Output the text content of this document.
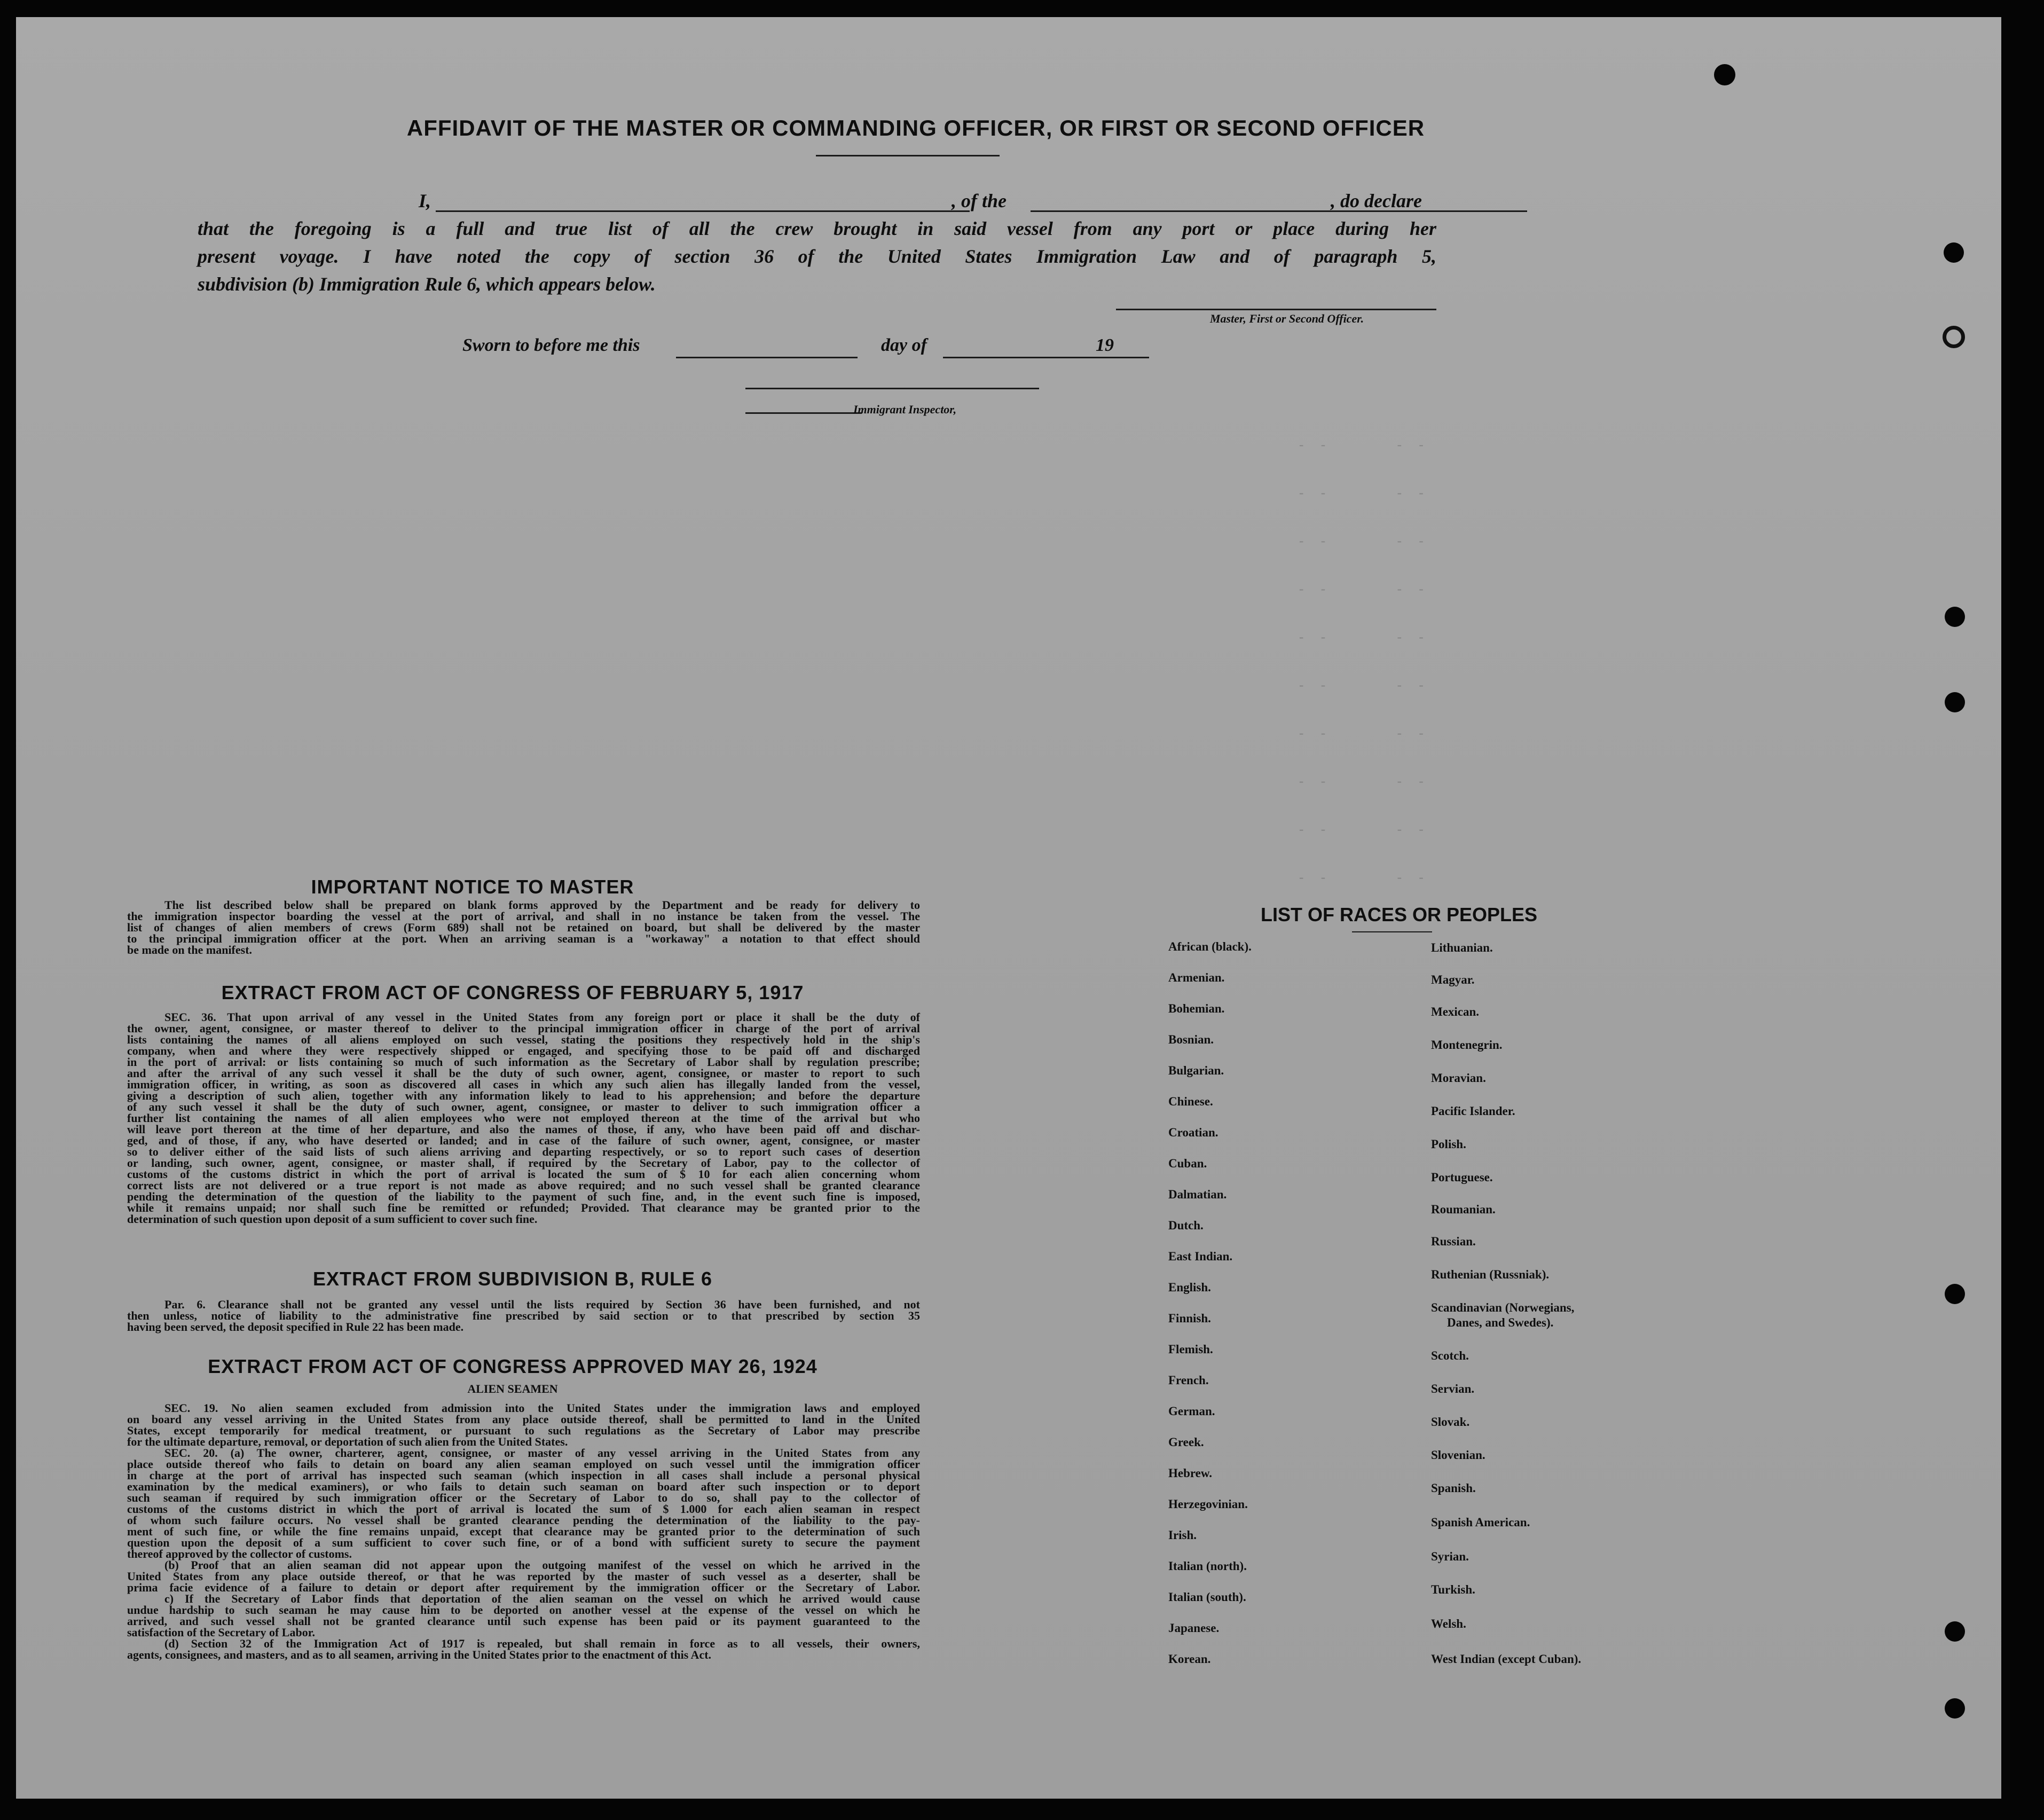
- -      - -
- -      - -
- -      - -
- -      - -
- -      - -
- -      - -
- -      - -
- -      - -
- -      - -
- -      - -
AFFIDAVIT OF THE MASTER OR COMMANDING OFFICER, OR FIRST OR SECOND OFFICER
I,	, of the	, do declare
that the foregoing is a full and true list of all the crew brought in said vessel from any port or place during her
present voyage. I have noted the copy of section 36 of the United States Immigration Law and of paragraph 5,
subdivision (b) Immigration Rule 6, which appears below.
Master, First or Second Officer.
Sworn to before me this	day of	19
Immigrant Inspector,
IMPORTANT NOTICE TO MASTER
The list described below shall be prepared on blank forms approved by the Department and be ready for delivery to
the immigration inspector boarding the vessel at the port of arrival, and shall in no instance be taken from the vessel. The
list of changes of alien members of crews (Form 689) shall not be retained on board, but shall be delivered by the master
to the principal immigration officer at the port. When an arriving seaman is a "workaway" a notation to that effect should
be made on the manifest.
EXTRACT FROM ACT OF CONGRESS OF FEBRUARY 5, 1917
SEC. 36. That upon arrival of any vessel in the United States from any foreign port or place it shall be the duty of
the owner, agent, consignee, or master thereof to deliver to the principal immigration officer in charge of the port of arrival
lists containing the names of all aliens employed on such vessel, stating the positions they respectively hold in the ship's
company, when and where they were respectively shipped or engaged, and specifying those to be paid off and discharged
in the port of arrival: or lists containing so much of such information as the Secretary of Labor shall by regulation prescribe;
and after the arrival of any such vessel it shall be the duty of such owner, agent, consignee, or master to report to such
immigration officer, in writing, as soon as discovered all cases in which any such alien has illegally landed from the vessel,
giving a description of such alien, together with any information likely to lead to his apprehension; and before the departure
of any such vessel it shall be the duty of such owner, agent, consignee, or master to deliver to such immigration officer a
further list containing the names of all alien employees who were not employed thereon at the time of the arrival but who
will leave port thereon at the time of her departure, and also the names of those, if any, who have been paid off and dischar-
ged, and of those, if any, who have deserted or landed; and in case of the failure of such owner, agent, consignee, or master
so to deliver either of the said lists of such aliens arriving and departing respectively, or so to report such cases of desertion
or landing, such owner, agent, consignee, or master shall, if required by the Secretary of Labor, pay to the collector of
customs of the customs district in which the port of arrival is located the sum of $ 10 for each alien concerning whom
correct lists are not delivered or a true report is not made as above required; and no such vessel shall be granted clearance
pending the determination of the question of the liability to the payment of such fine, and, in the event such fine is imposed,
while it remains unpaid; nor shall such fine be remitted or refunded; Provided. That clearance may be granted prior to the
determination of such question upon deposit of a sum sufficient to cover such fine.
EXTRACT FROM SUBDIVISION B, RULE 6
Par. 6. Clearance shall not be granted any vessel until the lists required by Section 36 have been furnished, and not
then unless, notice of liability to the administrative fine prescribed by said section or to that prescribed by section 35
having been served, the deposit specified in Rule 22 has been made.
EXTRACT FROM ACT OF CONGRESS APPROVED MAY 26, 1924
ALIEN SEAMEN
SEC. 19. No alien seamen excluded from admission into the United States under the immigration laws and employed
on board any vessel arriving in the United States from any place outside thereof, shall be permitted to land in the United
States, except temporarily for medical treatment, or pursuant to such regulations as the Secretary of Labor may prescribe
for the ultimate departure, removal, or deportation of such alien from the United States.
SEC. 20. (a) The owner, charterer, agent, consignee, or master of any vessel arriving in the United States from any
place outside thereof who fails to detain on board any alien seaman employed on such vessel until the immigration officer
in charge at the port of arrival has inspected such seaman (which inspection in all cases shall include a personal physical
examination by the medical examiners), or who fails to detain such seaman on board after such inspection or to deport
such seaman if required by such immigration officer or the Secretary of Labor to do so, shall pay to the collector of
customs of the customs district in which the port of arrival is located the sum of $ 1.000 for each alien seaman in respect
of whom such failure occurs. No vessel shall be granted clearance pending the determination of the liability to the pay-
ment of such fine, or while the fine remains unpaid, except that clearance may be granted prior to the determination of such
question upon the deposit of a sum sufficient to cover such fine, or of a bond with sufficient surety to secure the payment
thereof approved by the collector of customs.
(b) Proof that an alien seaman did not appear upon the outgoing manifest of the vessel on which he arrived in the
United States from any place outside thereof, or that he was reported by the master of such vessel as a deserter, shall be
prima facie evidence of a failure to detain or deport after requirement by the immigration officer or the Secretary of Labor.
c) If the Secretary of Labor finds that deportation of the alien seaman on the vessel on which he arrived would cause
undue hardship to such seaman he may cause him to be deported on another vessel at the expense of the vessel on which he
arrived, and such vessel shall not be granted clearance until such expense has been paid or its payment guaranteed to the
satisfaction of the Secretary of Labor.
(d) Section 32 of the Immigration Act of 1917 is repealed, but shall remain in force as to all vessels, their owners,
agents, consignees, and masters, and as to all seamen, arriving in the United States prior to the enactment of this Act.
LIST OF RACES OR PEOPLES
African (black).
Armenian.
Bohemian.
Bosnian.
Bulgarian.
Chinese.
Croatian.
Cuban.
Dalmatian.
Dutch.
East Indian.
English.
Finnish.
Flemish.
French.
German.
Greek.
Hebrew.
Herzegovinian.
Irish.
Italian (north).
Italian (south).
Japanese.
Korean.
Lithuanian.
Magyar.
Mexican.
Montenegrin.
Moravian.
Pacific Islander.
Polish.
Portuguese.
Roumanian.
Russian.
Ruthenian (Russniak).
Scandinavian (Norwegians,
Danes, and Swedes).
Scotch.
Servian.
Slovak.
Slovenian.
Spanish.
Spanish American.
Syrian.
Turkish.
Welsh.
West Indian (except Cuban).
